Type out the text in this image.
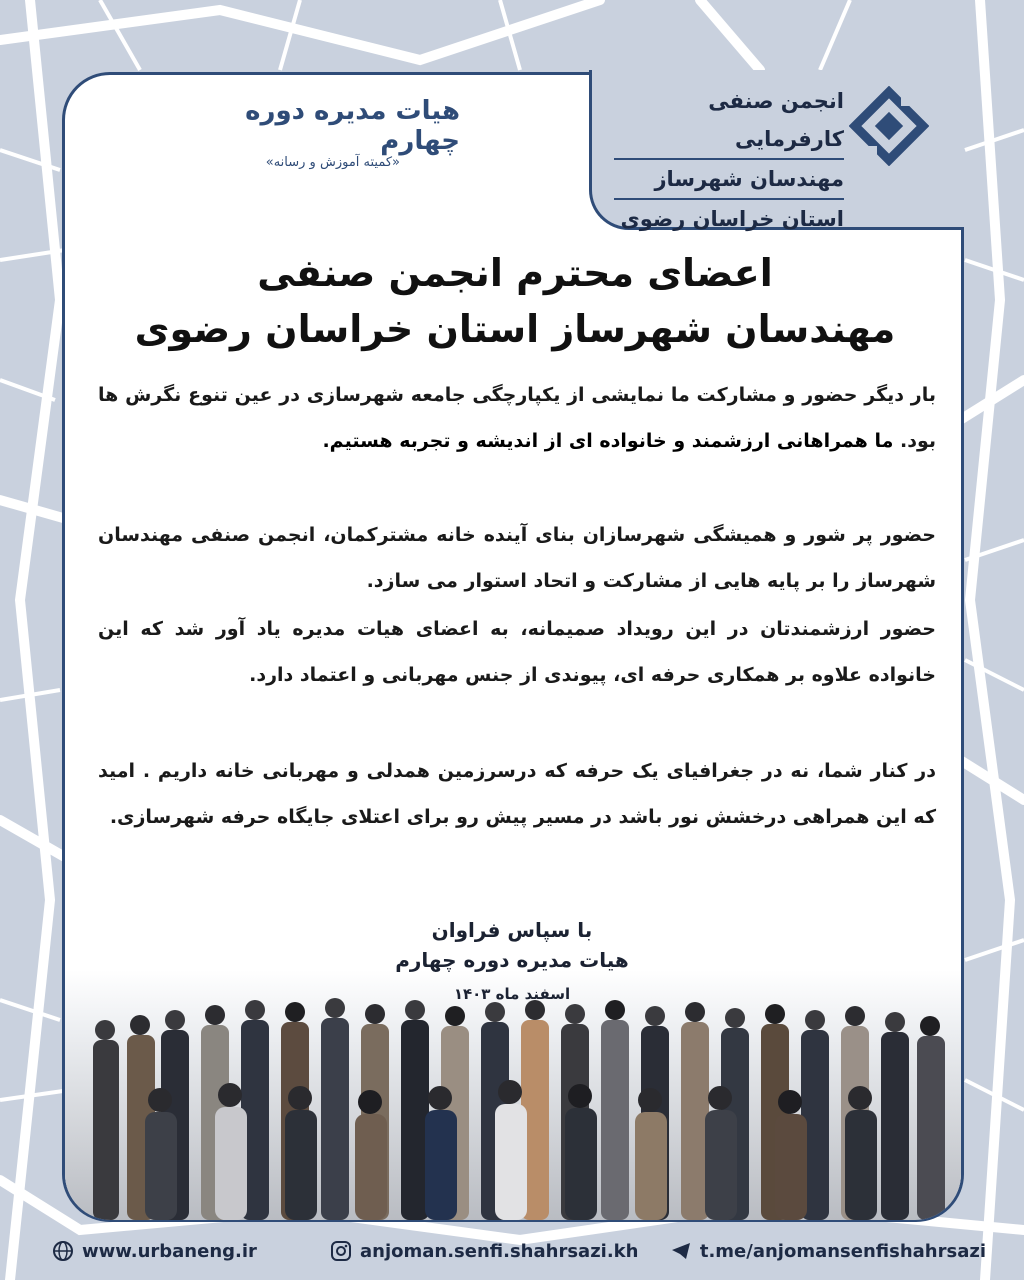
انجمن صنفی کارفرمایی
مهندسان شهرساز
استان خراسان رضوی
هیات مدیره دوره چهارم
«کمیته آموزش و رسانه»
اعضای محترم انجمن صنفی
مهندسان شهرساز استان خراسان رضوی
بار دیگر حضور و مشارکت ما نمایشی از یکپارچگی جامعه شهرسازی در عین تنوع نگرش ها بود. ما همراهانی ارزشمند و خانواده ای از اندیشه و تجربه هستیم.
حضور پر شور و همیشگی شهرسازان بنای آینده خانه مشترکمان، انجمن صنفی مهندسان شهرساز را بر پایه هایی از مشارکت و اتحاد استوار می سازد.
حضور ارزشمندتان در این رویداد صمیمانه، به اعضای هیات مدیره یاد آور شد که این خانواده علاوه بر همکاری حرفه ای، پیوندی از جنس مهربانی و اعتماد دارد.
در کنار شما، نه در جغرافیای یک حرفه که درسرزمین همدلی و مهربانی خانه داریم . امید که این همراهی درخشش نور باشد در مسیر پیش رو برای اعتلای جایگاه حرفه شهرسازی.
با سپاس فراوان
هیات مدیره دوره چهارم
اسفند ماه ۱۴۰۳
www.urbaneng.ir	anjoman.senfi.shahrsazi.kh	t.me/anjomansenfishahrsazi
